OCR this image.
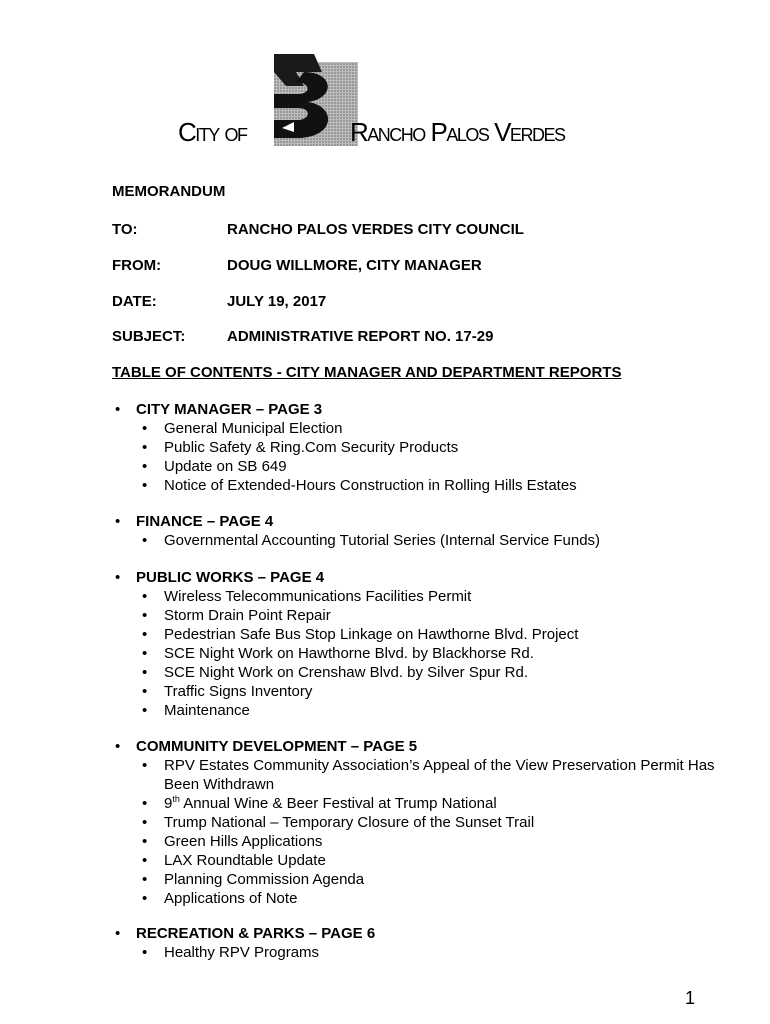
City of	Rancho Palos Verdes
MEMORANDUM
TO:	RANCHO PALOS VERDES CITY COUNCIL
FROM:	DOUG WILLMORE, CITY MANAGER
DATE:	JULY 19, 2017
SUBJECT:	ADMINISTRATIVE REPORT NO. 17-29
TABLE OF CONTENTS - CITY MANAGER AND DEPARTMENT REPORTS
• CITY MANAGER – PAGE 3
• General Municipal Election
• Public Safety & Ring.Com Security Products
• Update on SB 649
• Notice of Extended-Hours Construction in Rolling Hills Estates
• FINANCE – PAGE 4
• Governmental Accounting Tutorial Series (Internal Service Funds)
• PUBLIC WORKS – PAGE 4
• Wireless Telecommunications Facilities Permit
• Storm Drain Point Repair
• Pedestrian Safe Bus Stop Linkage on Hawthorne Blvd. Project
• SCE Night Work on Hawthorne Blvd. by Blackhorse Rd.
• SCE Night Work on Crenshaw Blvd. by Silver Spur Rd.
• Traffic Signs Inventory
• Maintenance
• COMMUNITY DEVELOPMENT – PAGE 5
• RPV Estates Community Association’s Appeal of the View Preservation Permit Has Been Withdrawn
• 9th Annual Wine & Beer Festival at Trump National
• Trump National – Temporary Closure of the Sunset Trail
• Green Hills Applications
• LAX Roundtable Update
• Planning Commission Agenda
• Applications of Note
• RECREATION & PARKS – PAGE 6
• Healthy RPV Programs
1
